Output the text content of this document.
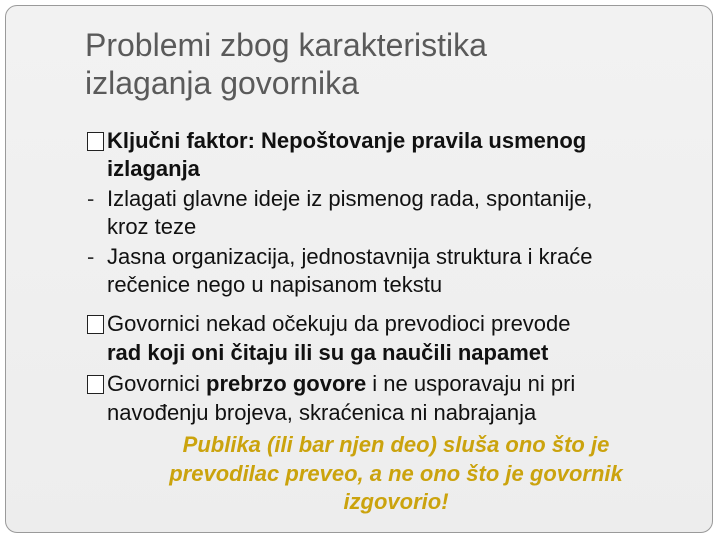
Problemi zbog karakteristika
izlaganja govornika
Ključni faktor: Nepoštovanje pravila usmenog
izlaganja
- Izlagati glavne ideje iz pismenog rada, spontanije,
kroz teze
- Jasna organizacija, jednostavnija struktura i kraće
rečenice nego u napisanom tekstu
Govornici nekad očekuju da prevodioci prevode
rad koji oni čitaju ili su ga naučili napamet
Govornici prebrzo govore i ne usporavaju ni pri
navođenju brojeva, skraćenica ni nabrajanja
Publika (ili bar njen deo) sluša ono što je
prevodilac preveo, a ne ono što je govornik
izgovorio!
